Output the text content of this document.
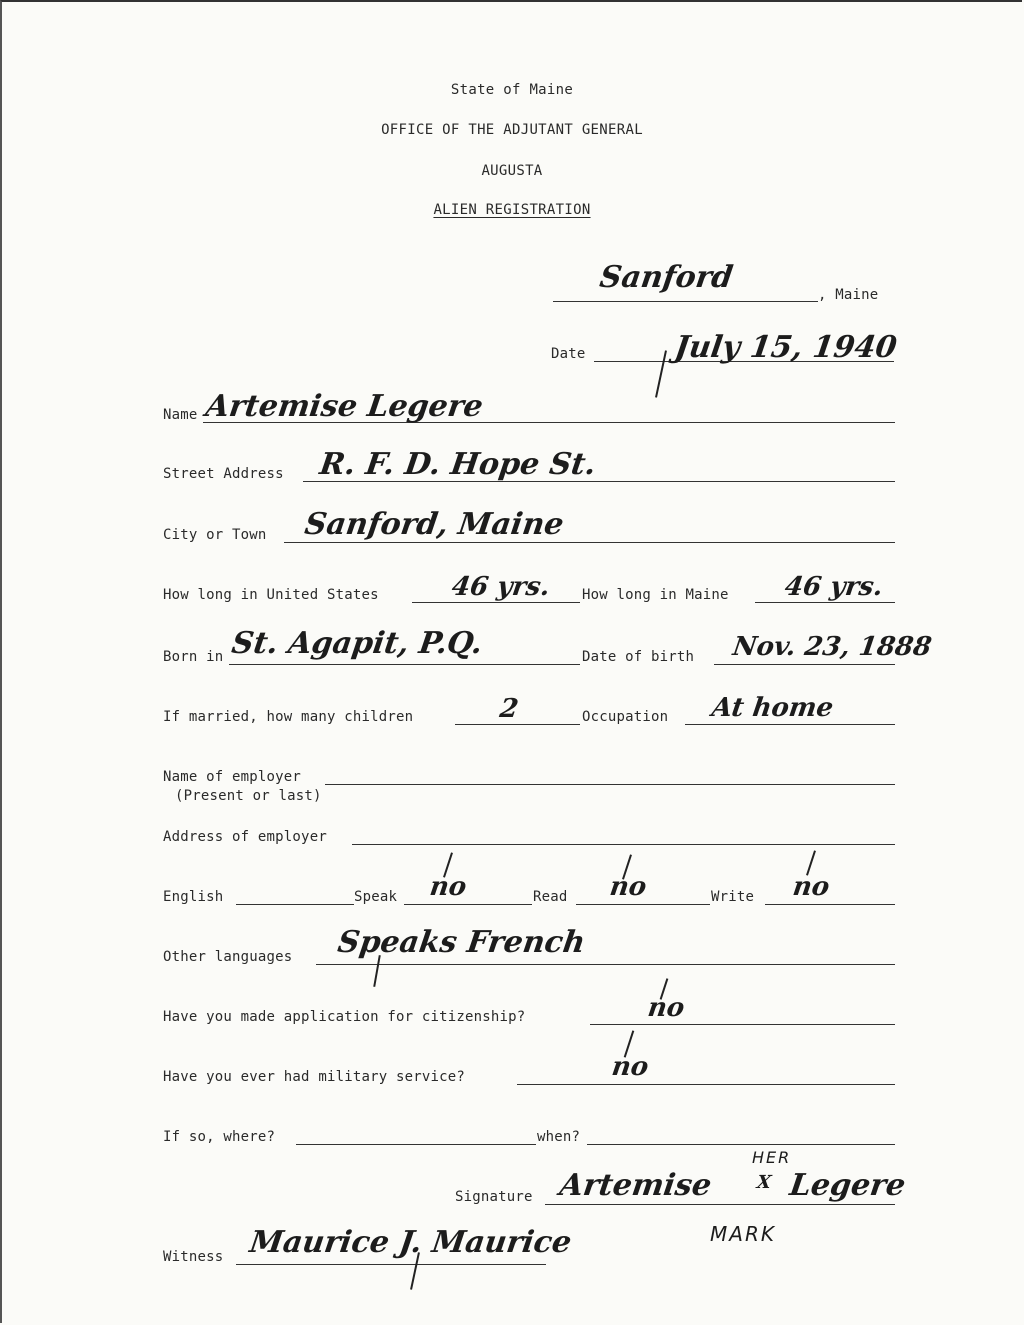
State of Maine
OFFICE OF THE ADJUTANT GENERAL
AUGUSTA
ALIEN REGISTRATION
Sanford	, Maine
Date	July 15, 1940
Name Artemise Legere
Street Address R. F. D. Hope St.
City or Town Sanford, Maine
How long in United States	46 yrs. How long in Maine 46 yrs.
Born in St. Agapit, P.Q.	Date of birth Nov. 23, 1888
If married, how many children	2	Occupation At home
Name of employer
(Present or last)
Address of employer
English	Speak no	Read no	Write no
Other languages Speaks French
Have you made application for citizenship?	no
Have you ever had military service?	no
If so, where?	when?
HER
Signature Artemise X Legere
MARK
Witness Maurice J. Maurice
